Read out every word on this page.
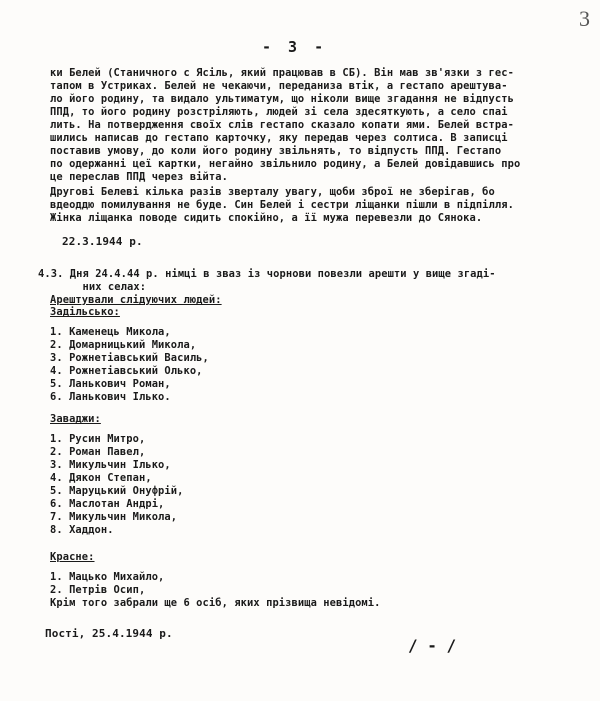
3
- 3 -
ки Белей (Станичного с Ясіль, який працював в СБ). Він мав зв'язки з гес-
тапом в Устриках. Белей не чекаючи, переданиза втік, а гестапо арештува-
ло його родину, та видало ультиматум, що ніколи вище згадання не відпусть
ППД, то його родину розстріляють, людей зі села здесяткують, а село спаі
лить. На потвердження своїх слів гестапо сказало копати ями. Белей встра-
шились написав до гестапо карточку, яку передав через солтиса. В записці
поставив умову, до коли його родину звільнять, то відпусть ППД. Гестапо
по одержанні цеї картки, негайно звільнило родину, а Белей довідавшись про
це переслав ППД через війта.
Другові Белеві кілька разів зверталу увагу, щоби зброї не зберігав, бо
вдеоддю помилування не буде. Син Белей і сестри ліщанки пішли в підпілля.
Жінка ліщанка поводе сидить спокійно, а її мужа перевезли до Сянока.
22.3.1944 р.
4.3. Дня 24.4.44 р. німці в зваз із чорнови повезли арешти у вище згаді-
них селах:
Арештували слідуючих людей:
Задільсько:
1. Каменець Микола,
2. Домарницький Микола,
3. Рожнетіавський Василь,
4. Рожнетіавський Олько,
5. Ланькович Роман,
6. Ланькович Ілько.
Заваджи:
1. Русин Митро,
2. Роман Павел,
3. Микульчин Ілько,
4. Дякон Степан,
5. Маруцький Онуфрій,
6. Маслотан Андрі,
7. Микульчин Микола,
8. Хаддон.
Красне:
1. Мацько Михайло,
2. Петрів Осип,
Крім того забрали ще 6 осіб, яких прізвища невідомі.
Пості, 25.4.1944 р.
/ - /
